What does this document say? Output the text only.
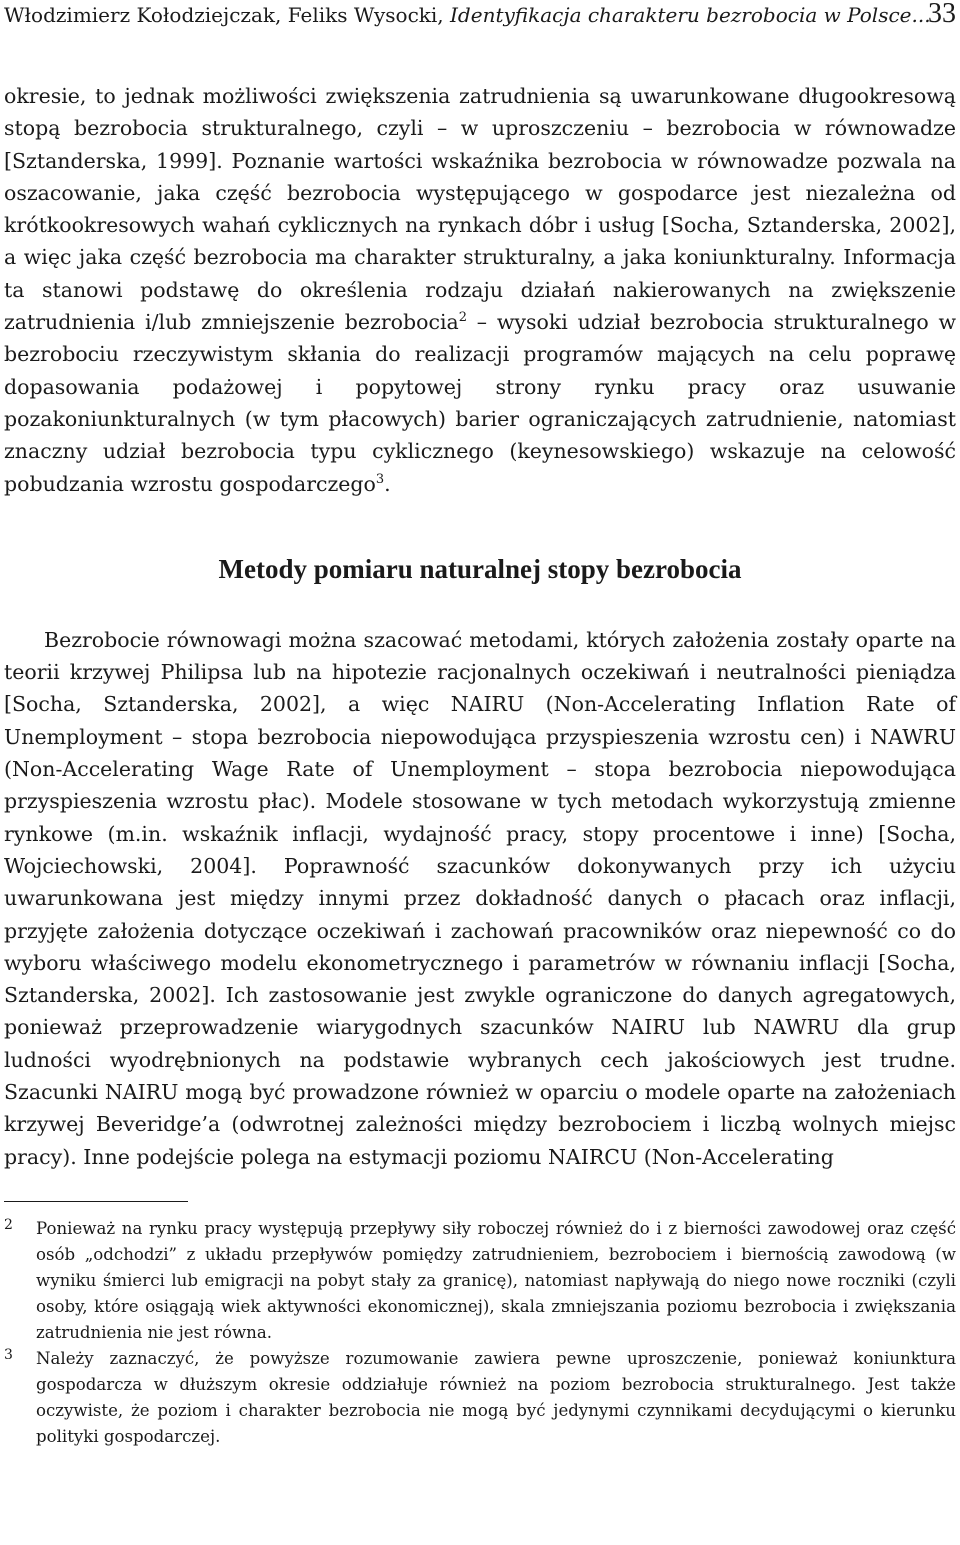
Włodzimierz Kołodziejczak, Feliks Wysocki, Identyfikacja charakteru bezrobocia w Polsce...
33

okresie, to jednak możliwości zwiększenia zatrudnienia są uwarunkowane długookresową stopą bezrobocia strukturalnego, czyli – w uproszczeniu – bezrobocia w równowadze [Sztanderska, 1999]. Poznanie wartości wskaźnika bezrobocia w równowadze pozwala na oszacowanie, jaka część bezrobocia występującego w gospodarce jest niezależna od krótkookresowych wahań cyklicznych na rynkach dóbr i usług [Socha, Sztanderska, 2002], a więc jaka część bezrobocia ma charakter strukturalny, a jaka koniunkturalny. Informacja ta stanowi podstawę do określenia rodzaju działań nakierowanych na zwiększenie zatrudnienia i/lub zmniejszenie bezrobocia$^2$ – wysoki udział bezrobocia strukturalnego w bezrobociu rzeczywistym skłania do realizacji programów mających na celu poprawę dopasowania podażowej i popytowej strony rynku pracy oraz usuwanie pozakoniunkturalnych (w tym płacowych) barier ograniczających zatrudnienie, natomiast znaczny udział bezrobocia typu cyklicznego (keynesowskiego) wskazuje na celowość pobudzania wzrostu gospodarczego$^3$.

Metody pomiaru naturalnej stopy bezrobocia

Bezrobocie równowagi można szacować metodami, których założenia zostały oparte na teorii krzywej Philipsa lub na hipotezie racjonalnych oczekiwań i neutralności pieniądza [Socha, Sztanderska, 2002], a więc NAIRU (Non-Accelerating Inflation Rate of Unemployment – stopa bezrobocia niepowodująca przyspieszenia wzrostu cen) i NAWRU (Non-Accelerating Wage Rate of Unemployment – stopa bezrobocia niepowodująca przyspieszenia wzrostu płac). Modele stosowane w tych metodach wykorzystują zmienne rynkowe (m.in. wskaźnik inflacji, wydajność pracy, stopy procentowe i inne) [Socha, Wojciechowski, 2004]. Poprawność szacunków dokonywanych przy ich użyciu uwarunkowana jest między innymi przez dokładność danych o płacach oraz inflacji, przyjęte założenia dotyczące oczekiwań i zachowań pracowników oraz niepewność co do wyboru właściwego modelu ekonometrycznego i parametrów w równaniu inflacji [Socha, Sztanderska, 2002]. Ich zastosowanie jest zwykle ograniczone do danych agregatowych, ponieważ przeprowadzenie wiarygodnych szacunków NAIRU lub NAWRU dla grup ludności wyodrębnionych na podstawie wybranych cech jakościowych jest trudne. Szacunki NAIRU mogą być prowadzone również w oparciu o modele oparte na założeniach krzywej Beveridge’a (odwrotnej zależności między bezrobociem i liczbą wolnych miejsc pracy). Inne podejście polega na estymacji poziomu NAIRCU (Non-Accelerating

2 Ponieważ na rynku pracy występują przepływy siły roboczej również do i z bierności zawodowej oraz część osób „odchodzi” z układu przepływów pomiędzy zatrudnieniem, bezrobociem i biernością zawodową (w wyniku śmierci lub emigracji na pobyt stały za granicę), natomiast napływają do niego nowe roczniki (czyli osoby, które osiągają wiek aktywności ekonomicznej), skala zmniejszania poziomu bezrobocia i zwiększania zatrudnienia nie jest równa.

3 Należy zaznaczyć, że powyższe rozumowanie zawiera pewne uproszczenie, ponieważ koniunktura gospodarcza w dłuższym okresie oddziałuje również na poziom bezrobocia strukturalnego. Jest także oczywiste, że poziom i charakter bezrobocia nie mogą być jedynymi czynnikami decydującymi o kierunku polityki gospodarczej.
